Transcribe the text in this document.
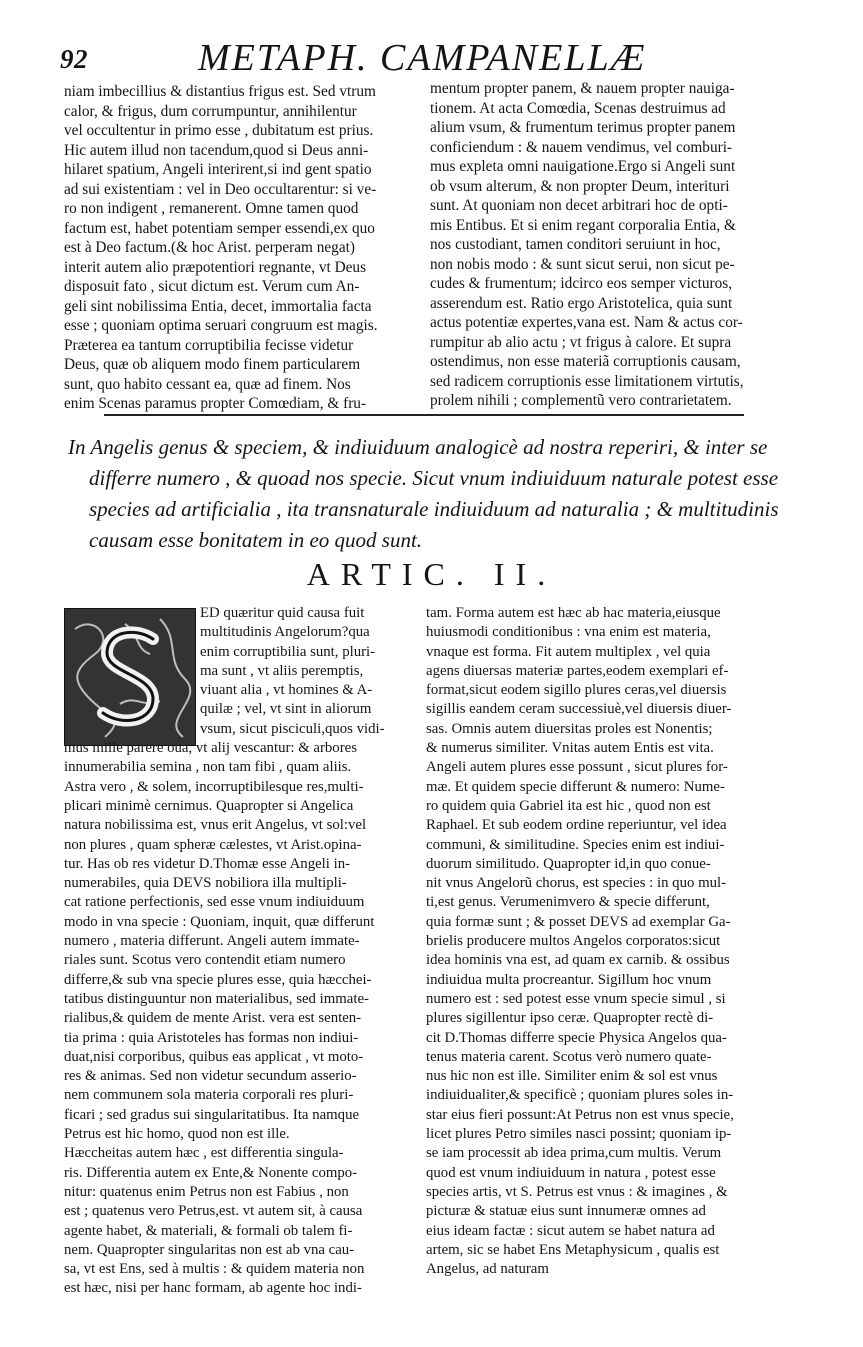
92	METAPH. CAMPANELLÆ
niam imbecillius & distantius frigus est. Sed vtrum
calor, & frigus, dum corrumpuntur, annihilentur
vel occultentur in primo esse , dubitatum est prius.
Hic autem illud non tacendum,quod si Deus anni-
hilaret spatium, Angeli interirent,si ind gent spatio
ad sui existentiam : vel in Deo occultarentur: si ve-
ro non indigent , remanerent. Omne tamen quod
factum est, habet potentiam semper essendi,ex quo
est à Deo factum.(& hoc Arist. perperam negat)
interit autem alio præpotentiori regnante, vt Deus
disposuit fato , sicut dictum est. Verum cum An-
geli sint nobilissima Entia, decet, immortalia facta
esse ; quoniam optima seruari congruum est magis.
Præterea ea tantum corruptibilia fecisse videtur
Deus, quæ ob aliquem modo finem particularem
sunt, quo habito cessant ea, quæ ad finem. Nos
enim Scenas paramus propter Comœdiam, & fru-
mentum propter panem, & nauem propter nauiga-
tionem. At acta Comœdia, Scenas destruimus ad
alium vsum, & frumentum terimus propter panem
conficiendum : & nauem vendimus, vel comburi-
mus expleta omni nauigatione.Ergo si Angeli sunt
ob vsum alterum, & non propter Deum, interituri
sunt. At quoniam non decet arbitrari hoc de opti-
mis Entibus. Et si enim regant corporalia Entia, &
nos custodiant, tamen conditori seruiunt in hoc,
non nobis modo : & sunt sicut serui, non sicut pe-
cudes & frumentum; idcirco eos semper victuros,
asserendum est. Ratio ergo Aristotelica, quia sunt
actus potentiæ expertes,vana est. Nam & actus cor-
rumpitur ab alio actu ; vt frigus à calore. Et supra
ostendimus, non esse materiã corruptionis causam,
sed radicem corruptionis esse limitationem virtutis,
prolem nihili ; complementũ vero contrarietatem.
In Angelis genus & speciem, & indiuiduum analogicè ad nostra reperiri, & inter se
differre numero , & quoad nos specie. Sicut vnum indiuiduum naturale potest esse
species ad artificialia , ita transnaturale indiuiduum ad naturalia ; & multitudinis
causam esse bonitatem in eo quod sunt.
ARTIC. II.
ED quæritur quid causa fuit
multitudinis Angelorum?qua
enim corruptibilia sunt, pluri-
ma sunt , vt aliis peremptis,
viuant alia , vt homines & A-
quilæ ; vel, vt sint in aliorum
vsum, sicut pisciculi,quos vidi-
mus mille parere oua, vt alij vescantur: & arbores
innumerabilia semina , non tam fibi , quam aliis.
Astra vero , & solem, incorruptibilesque res,multi-
plicari minimè cernimus. Quapropter si Angelica
natura nobilissima est, vnus erit Angelus, vt sol:vel
non plures , quam spheræ cælestes, vt Arist.opina-
tur. Has ob res videtur D.Thomæ esse Angeli in-
numerabiles, quia DEVS nobiliora illa multipli-
cat ratione perfectionis, sed esse vnum indiuiduum
modo in vna specie : Quoniam, inquit, quæ differunt
numero , materia differunt. Angeli autem immate-
riales sunt. Scotus vero contendit etiam numero
differre,& sub vna specie plures esse, quia hæcchei-
tatibus distinguuntur non materialibus, sed immate-
rialibus,& quidem de mente Arist. vera est senten-
tia prima : quia Aristoteles has formas non indiui-
duat,nisi corporibus, quibus eas applicat , vt moto-
res & animas. Sed non videtur secundum asserio-
nem communem sola materia corporali res pluri-
ficari ; sed gradus sui singularitatibus. Ita namque
Petrus est hic homo, quod non est ille.
Hæccheitas autem hæc , est differentia singula-
ris. Differentia autem ex Ente,& Nonente compo-
nitur: quatenus enim Petrus non est Fabius , non
est ; quatenus vero Petrus,est. vt autem sit, à causa
agente habet, & materiali, & formali ob talem fi-
nem. Quapropter singularitas non est ab vna cau-
sa, vt est Ens, sed à multis : & quidem materia non
est hæc, nisi per hanc formam, ab agente hoc indi-
tam. Forma autem est hæc ab hac materia,eiusque
huiusmodi conditionibus : vna enim est materia,
vnaque est forma. Fit autem multiplex , vel quia
agens diuersas materiæ partes,eodem exemplari ef-
format,sicut eodem sigillo plures ceras,vel diuersis
sigillis eandem ceram successiuè,vel diuersis diuer-
sas. Omnis autem diuersitas proles est Nonentis;
& numerus similiter. Vnitas autem Entis est vita.
Angeli autem plures esse possunt , sicut plures for-
mæ. Et quidem specie differunt & numero: Nume-
ro quidem quia Gabriel ita est hic , quod non est
Raphael. Et sub eodem ordine reperiuntur, vel idea
communi, & similitudine. Species enim est indiui-
duorum similitudo. Quapropter id,in quo conue-
nit vnus Angelorũ chorus, est species : in quo mul-
ti,est genus. Verumenimvero & specie differunt,
quia formæ sunt ; & posset DEVS ad exemplar Ga-
brielis producere multos Angelos corporatos:sicut
idea hominis vna est, ad quam ex carnib. & ossibus
indiuidua multa procreantur. Sigillum hoc vnum
numero est : sed potest esse vnum specie simul , si
plures sigillentur ipso ceræ. Quapropter rectè di-
cit D.Thomas differre specie Physica Angelos qua-
tenus materia carent. Scotus verò numero quate-
nus hic non est ille. Similiter enim & sol est vnus
indiuidualiter,& specificè ; quoniam plures soles in-
star eius fieri possunt:At Petrus non est vnus specie,
licet plures Petro similes nasci possint; quoniam ip-
se iam processit ab idea prima,cum multis. Verum
quod est vnum indiuiduum in natura , potest esse
species artis, vt S. Petrus est vnus : & imagines , &
picturæ & statuæ eius sunt innumeræ omnes ad
eius ideam factæ : sicut autem se habet natura ad
artem, sic se habet Ens Metaphysicum , qualis est
Angelus, ad naturam
